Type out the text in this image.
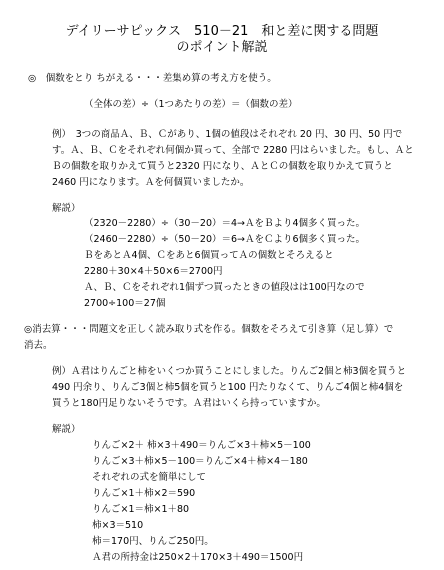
デイリーサピックス　510－21　和と差に関する問題
のポイント解説
◎　個数をとり ちがえる・・・差集め算の考え方を使う。
（全体の差）÷（1つあたりの差）＝（個数の差）
例）　3つの商品Ａ、Ｂ、Ｃがあり、1個の値段はそれぞれ 20 円、30 円、50 円で
す。Ａ、Ｂ、Ｃをそれぞれ何個か買って、全部で 2280 円はらいました。もし、Ａと
Ｂの個数を取りかえて買うと2320 円になり、ＡとＣの個数を取りかえて買うと
2460 円になります。Ａを何個買いましたか。
解説）
（2320－2280）÷（30－20）＝4→ＡをＢより4個多く買った。
（2460－2280）÷（50－20）＝6→ＡをＣより6個多く買った。
ＢをあとＡ4個、Ｃをあと6個買ってＡの個数とそろえると
2280＋30×4＋50×6＝2700円
Ａ、Ｂ、Ｃをそれぞれ1個ずつ買ったときの値段はは100円なので
2700÷100＝27個
◎消去算・・・問題文を正しく読み取り式を作る。個数をそろえて引き算（足し算）で
消去。
例）Ａ君はりんごと柿をいくつか買うことにしました。りんご2個と柿3個を買うと
490 円余り、りんご3個と柿5個を買うと100 円たりなくて、りんご4個と柿4個を
買うと180円足りないそうです。Ａ君はいくら持っていますか。
解説）
りんご×2＋ 柿×3＋490＝りんご×3＋柿×5－100
りんご×3＋柿×5－100＝りんご×4＋柿×4－180
それぞれの式を簡単にして
りんご×1＋柿×2＝590
りんご×1＝柿×1＋80
柿×3＝510
柿＝170円、りんご250円。
Ａ君の所持金は250×2＋170×3＋490＝1500円
